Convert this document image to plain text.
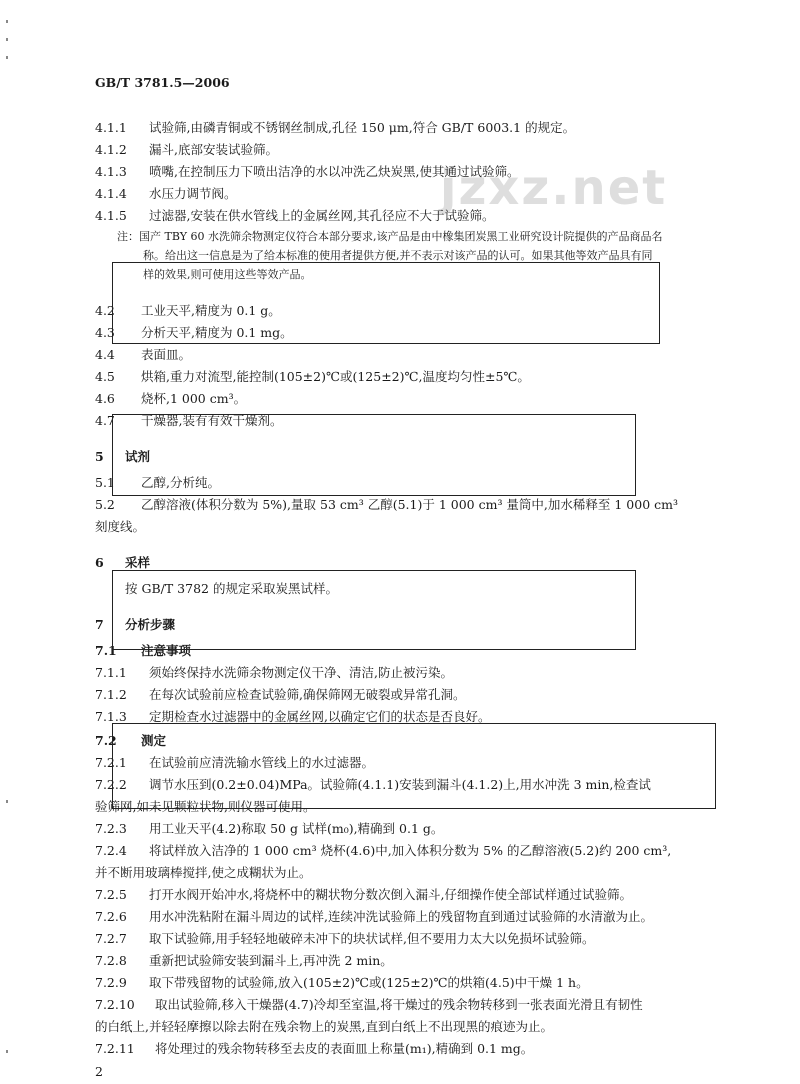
jzxz.net
GB/T 3781.5—2006
4.1.1 试验筛,由磷青铜或不锈钢丝制成,孔径 150 μm,符合 GB/T 6003.1 的规定。
4.1.2 漏斗,底部安装试验筛。
4.1.3 喷嘴,在控制压力下喷出洁净的水以冲洗乙炔炭黑,使其通过试验筛。
4.1.4 水压力调节阀。
4.1.5 过滤器,安装在供水管线上的金属丝网,其孔径应不大于试验筛。
注：国产 TBY 60 水洗筛余物测定仪符合本部分要求,该产品是由中橡集团炭黑工业研究设计院提供的产品商品名
称。给出这一信息是为了给本标准的使用者提供方便,并不表示对该产品的认可。如果其他等效产品具有同
样的效果,则可使用这些等效产品。
4.2 工业天平,精度为 0.1 g。
4.3 分析天平,精度为 0.1 mg。
4.4 表面皿。
4.5 烘箱,重力对流型,能控制(105±2)℃或(125±2)℃,温度均匀性±5℃。
4.6 烧杯,1 000 cm³。
4.7 干燥器,装有有效干燥剂。
5 试剂
5.1 乙醇,分析纯。
5.2 乙醇溶液(体积分数为 5%),量取 53 cm³ 乙醇(5.1)于 1 000 cm³ 量筒中,加水稀释至 1 000 cm³
刻度线。
6 采样
按 GB/T 3782 的规定采取炭黑试样。
7 分析步骤
7.1 注意事项
7.1.1 须始终保持水洗筛余物测定仪干净、清洁,防止被污染。
7.1.2 在每次试验前应检查试验筛,确保筛网无破裂或异常孔洞。
7.1.3 定期检查水过滤器中的金属丝网,以确定它们的状态是否良好。
7.2 测定
7.2.1 在试验前应清洗输水管线上的水过滤器。
7.2.2 调节水压到(0.2±0.04)MPa。试验筛(4.1.1)安装到漏斗(4.1.2)上,用水冲洗 3 min,检查试
验筛网,如未见颗粒状物,则仪器可使用。
7.2.3 用工业天平(4.2)称取 50 g 试样(m₀),精确到 0.1 g。
7.2.4 将试样放入洁净的 1 000 cm³ 烧杯(4.6)中,加入体积分数为 5% 的乙醇溶液(5.2)约 200 cm³,
并不断用玻璃棒搅拌,使之成糊状为止。
7.2.5 打开水阀开始冲水,将烧杯中的糊状物分数次倒入漏斗,仔细操作使全部试样通过试验筛。
7.2.6 用水冲洗粘附在漏斗周边的试样,连续冲洗试验筛上的残留物直到通过试验筛的水清澈为止。
7.2.7 取下试验筛,用手轻轻地破碎未冲下的块状试样,但不要用力太大以免损坏试验筛。
7.2.8 重新把试验筛安装到漏斗上,再冲洗 2 min。
7.2.9 取下带残留物的试验筛,放入(105±2)℃或(125±2)℃的烘箱(4.5)中干燥 1 h。
7.2.10 取出试验筛,移入干燥器(4.7)冷却至室温,将干燥过的残余物转移到一张表面光滑且有韧性
的白纸上,并轻轻摩擦以除去附在残余物上的炭黑,直到白纸上不出现黑的痕迹为止。
7.2.11 将处理过的残余物转移至去皮的表面皿上称量(m₁),精确到 0.1 mg。
2
